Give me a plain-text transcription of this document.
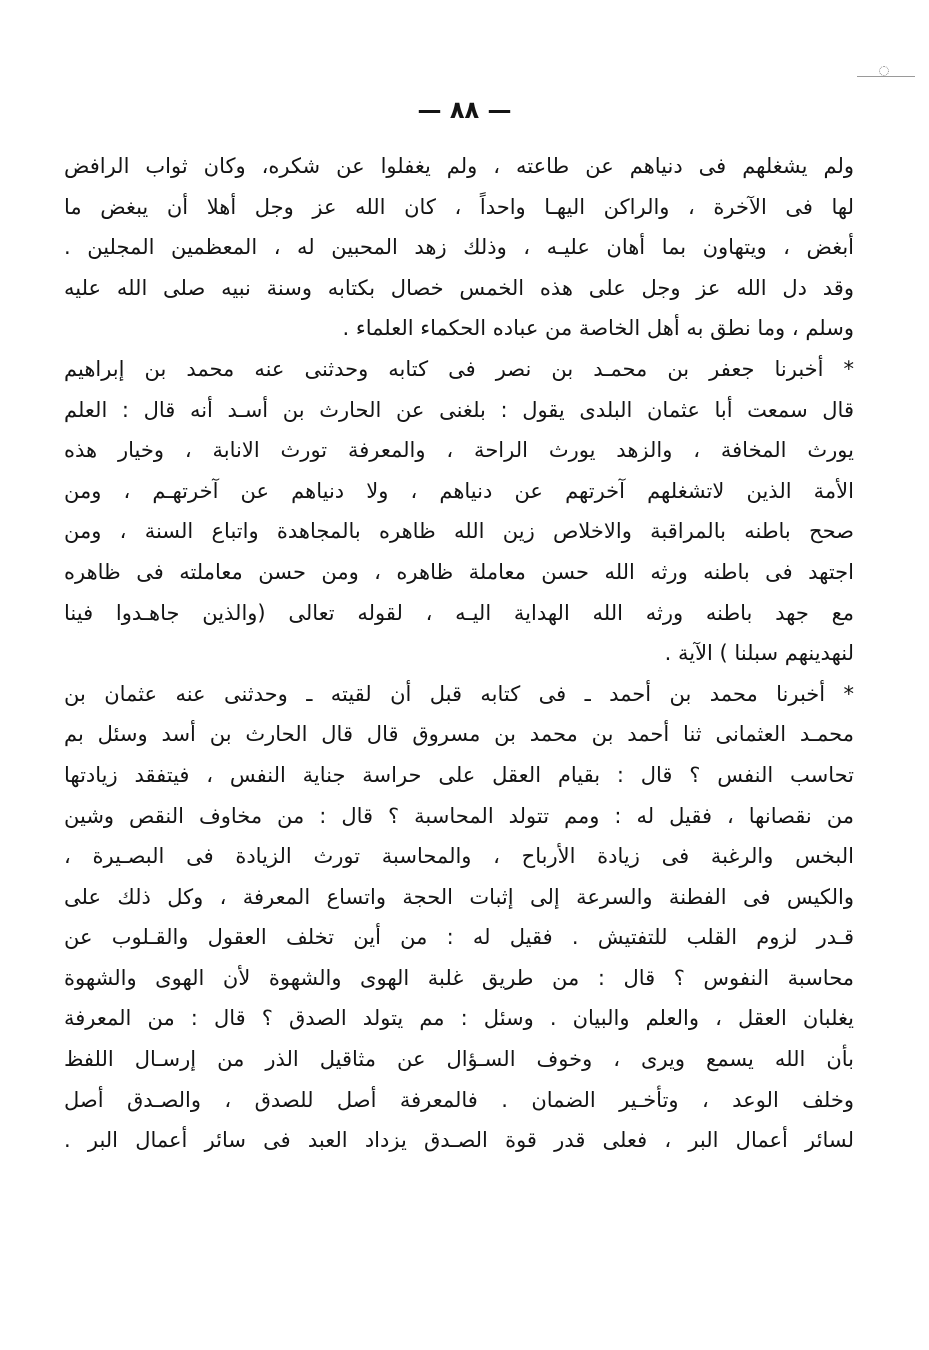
— ٨٨ —
ولم يشغلهم فى دنياهم عن طاعته ، ولم يغفلوا عن شكره، وكان ثواب الرافض
لها فى الآخرة ، والراكن اليهـا واحداً ، كان الله عز وجل أهلا أن يبغض ما
أبغض ، ويتهاون بما أهان عليـه ، وذلك زهد المحبين له ، المعظمين المجلين .
وقد دل الله عز وجل على هذه الخمس خصال بكتابه وسنة نبيه صلى الله عليه
وسلم ، وما نطق به أهل الخاصة من عباده الحكماء العلماء .
* أخبرنا جعفر بن محمـد بن نصر فى كتابه وحدثنى عنه محمد بن إبراهيم
قال سمعت أبا عثمان البلدى يقول : بلغنى عن الحارث بن أسـد أنه قال : العلم
يورث المخافة ، والزهد يورث الراحة ، والمعرفة تورث الانابة ، وخيار هذه
الأمة الذين لاتشغلهم آخرتهم عن دنياهم ، ولا دنياهم عن آخرتهـم ، ومن
صحح باطنه بالمراقبة والاخلاص زين الله ظاهره بالمجاهدة واتباع السنة ، ومن
اجتهد فى باطنه ورثه الله حسن معاملة ظاهره ، ومن حسن معاملته فى ظاهره
مع جهد باطنه ورثه الله الهداية اليـه ، لقوله تعالى (والذين جاهـدوا فينا
لنهدينهم سبلنا ) الآية .
* أخبرنا محمد بن أحمد ـ فى كتابه قبل أن لقيته ـ وحدثنى عنه عثمان بن
محمـد العثمانى ثنا أحمد بن محمد بن مسروق قال قال الحارث بن أسد وسئل بم
تحاسب النفس ؟ قال : بقيام العقل على حراسة جناية النفس ، فيتفقد زيادتها
من نقصانها ، فقيل له : ومم تتولد المحاسبة ؟ قال : من مخاوف النقص وشين
البخس والرغبة فى زيادة الأرباح ، والمحاسبة تورث الزيادة فى البصـيرة ،
والكيس فى الفطنة والسرعة إلى إثبات الحجة واتساع المعرفة ، وكل ذلك على
قـدر لزوم القلب للتفتيش . فقيل له : من أين تخلف العقول والقـلوب عن
محاسبة النفوس ؟ قال : من طريق غلبة الهوى والشهوة لأن الهوى والشهوة
يغلبان العقل ، والعلم والبيان . وسئل : مم يتولد الصدق ؟ قال : من المعرفة
بأن الله يسمع ويرى ، وخوف السـؤال عن مثاقيل الذر من إرسـال اللفظ
وخلف الوعد ، وتأخـير الضمان . فالمعرفة أصل للصدق ، والصـدق أصل
لسائر أعمال البر ، فعلى قدر قوة الصـدق يزداد العبد فى سائر أعمال البر .
